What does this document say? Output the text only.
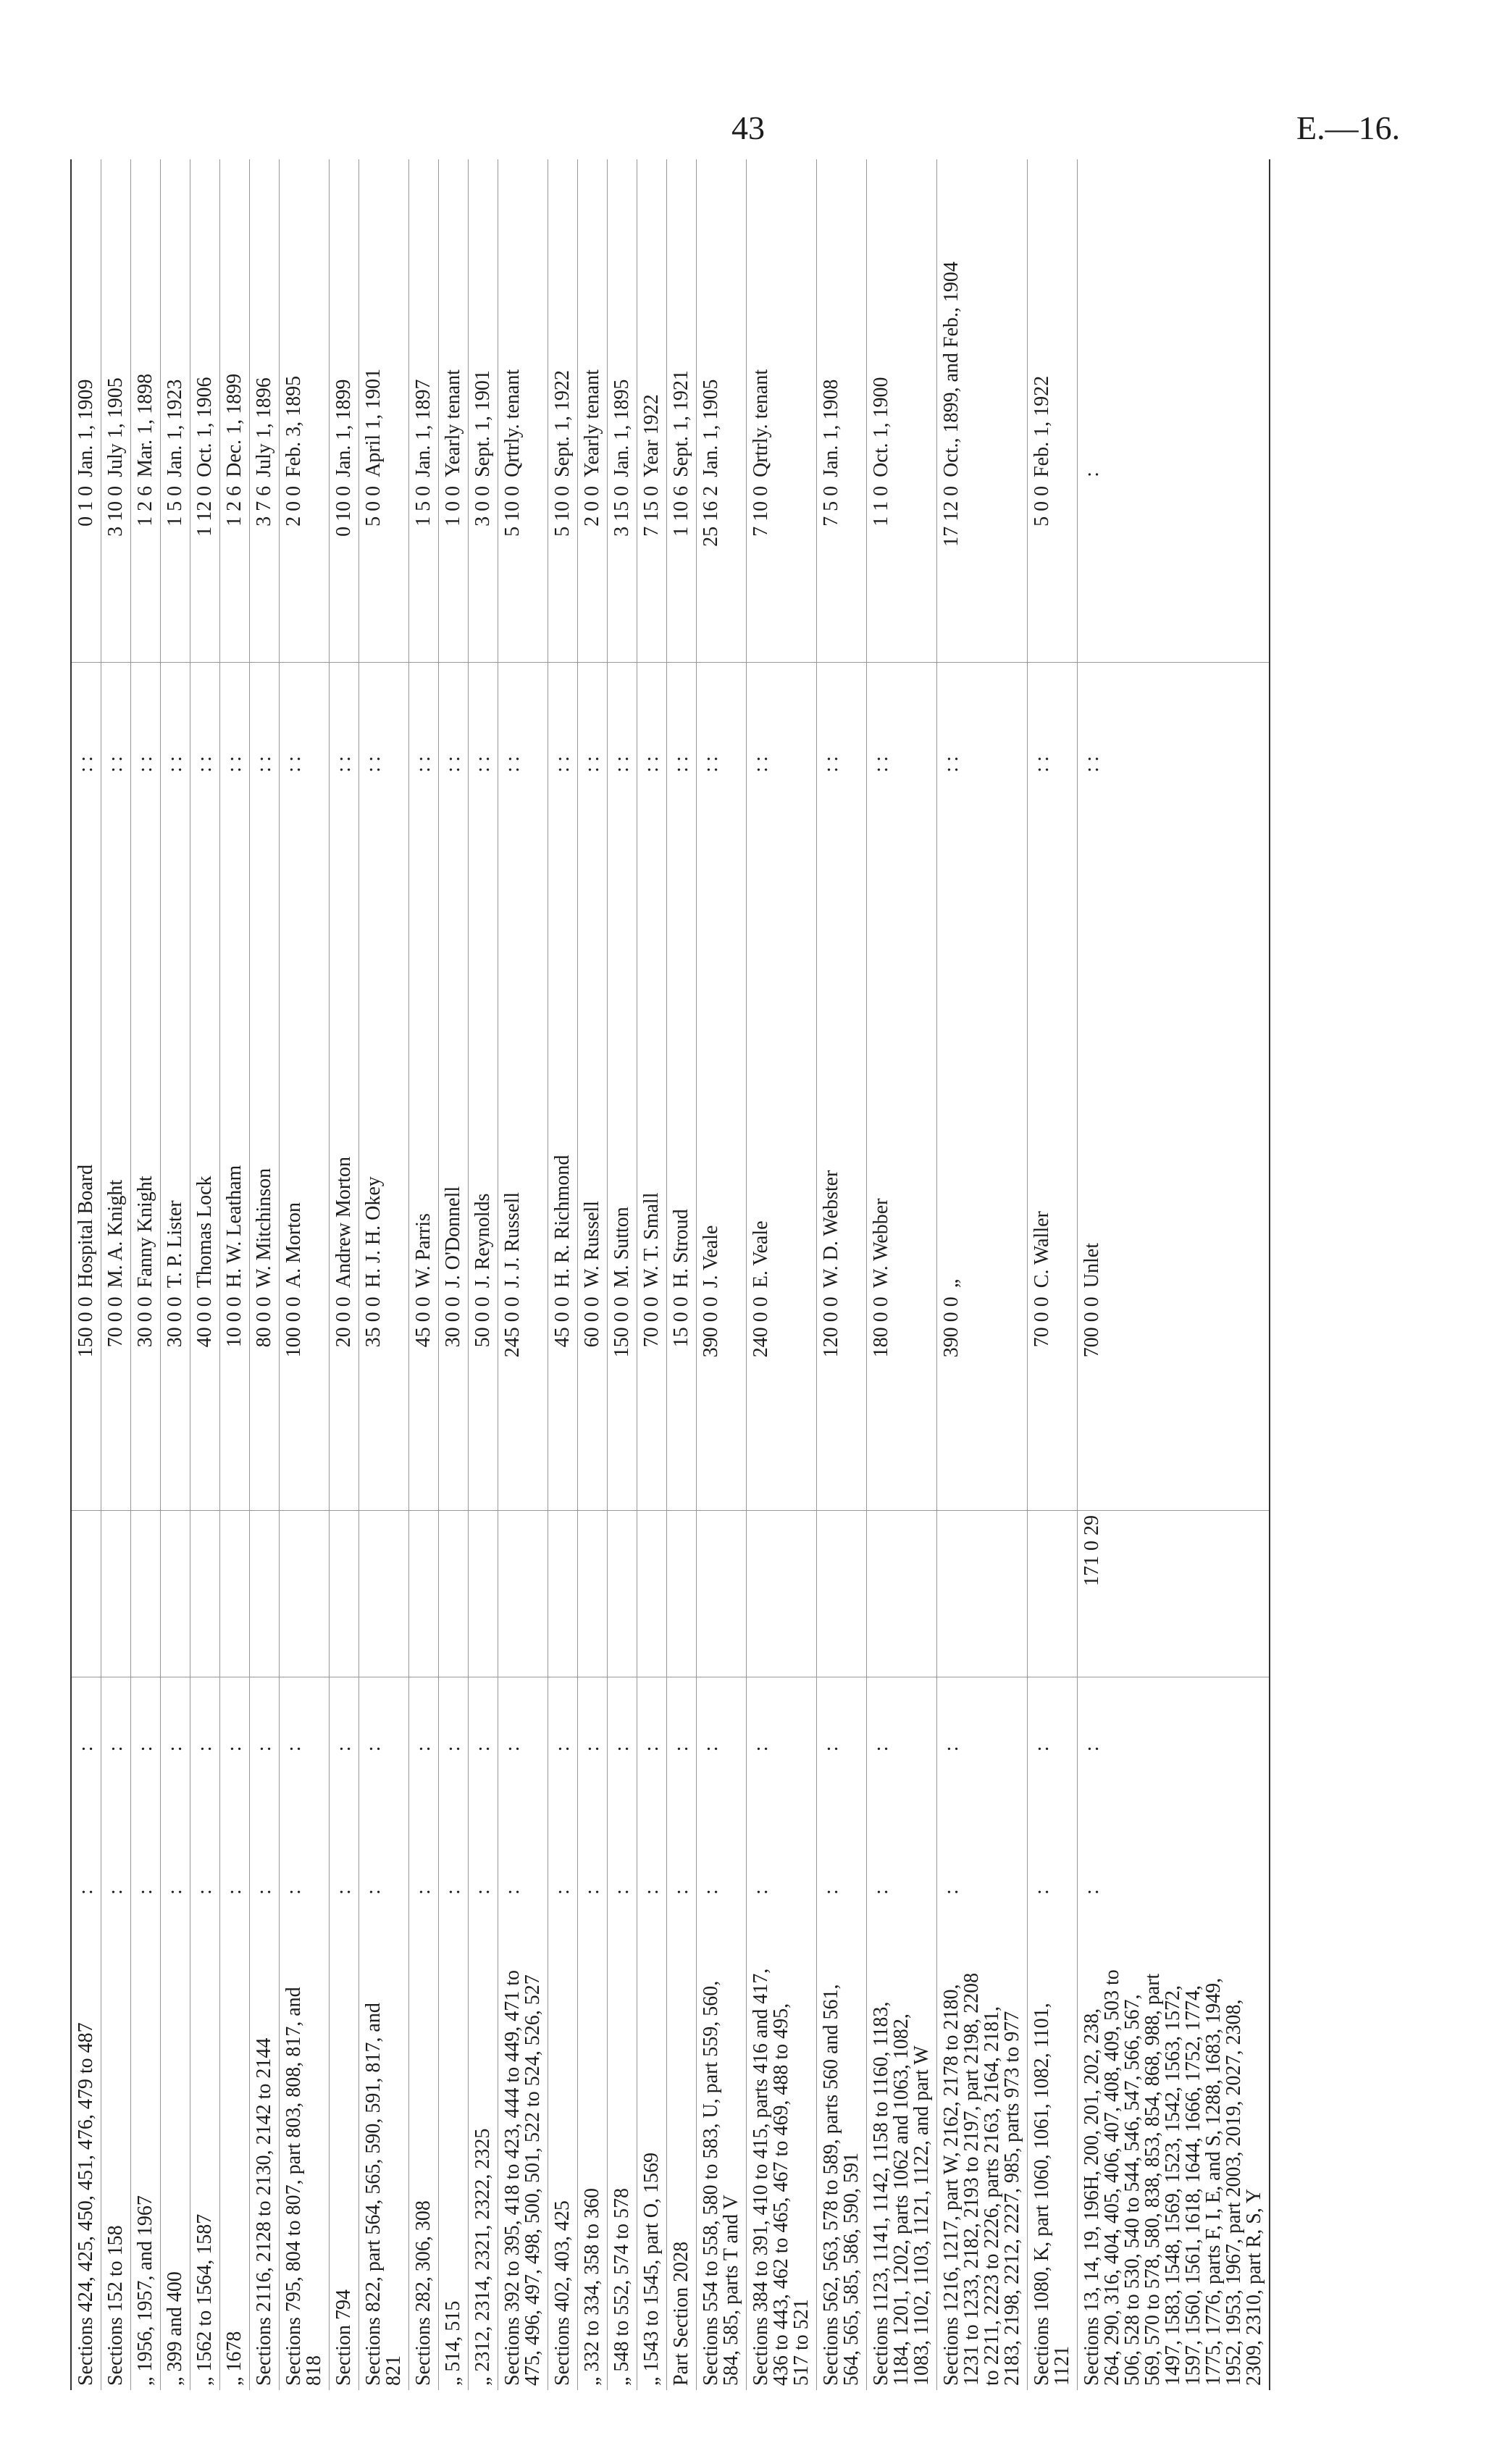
43	E.—16.

Sections 424, 425, 450, 451, 476, 479 to 487	:	:		150 0 0	Hospital Board	: :	0 1 0	Jan. 1, 1909
Sections 152 to 158	:	:		70 0 0	M. A. Knight	: :	3 10 0	July 1, 1905
„ 1956, 1957, and 1967	:	:		30 0 0	Fanny Knight	: :	1 2 6	Mar. 1, 1898
„ 399 and 400	:	:		30 0 0	T. P. Lister	: :	1 5 0	Jan. 1, 1923
„ 1562 to 1564, 1587	:	:		40 0 0	Thomas Lock	: :	1 12 0	Oct. 1, 1906
„ 1678	:	:		10 0 0	H. W. Leatham	: :	1 2 6	Dec. 1, 1899
Sections 2116, 2128 to 2130, 2142 to 2144	:	:		80 0 0	W. Mitchinson	: :	3 7 6	July 1, 1896
Sections 795, 804 to 807, part 803, 808, 817, and 818	:	:		100 0 0	A. Morton	: :	2 0 0	Feb. 3, 1895
Section 794	:	:		20 0 0	Andrew Morton	: :	0 10 0	Jan. 1, 1899
Sections 822, part 564, 565, 590, 591, 817, and 821	:	:		35 0 0	H. J. H. Okey	: :	5 0 0	April 1, 1901
Sections 282, 306, 308	:	:		45 0 0	W. Parris	: :	1 5 0	Jan. 1, 1897
„ 514, 515	:	:		30 0 0	J. O'Donnell	: :	1 0 0	Yearly tenant
„ 2312, 2314, 2321, 2322, 2325	:	:		50 0 0	J. Reynolds	: :	3 0 0	Sept. 1, 1901
Sections 392 to 395, 418 to 423, 444 to 449, 471 to 475, 496, 497, 498, 500, 501, 522 to 524, 526, 527	:	:		245 0 0	J. J. Russell	: :	5 10 0	Qrtrly. tenant
Sections 402, 403, 425	:	:		45 0 0	H. R. Richmond	: :	5 10 0	Sept. 1, 1922
„ 332 to 334, 358 to 360	:	:		60 0 0	W. Russell	: :	2 0 0	Yearly tenant
„ 548 to 552, 574 to 578	:	:		150 0 0	M. Sutton	: :	3 15 0	Jan. 1, 1895
„ 1543 to 1545, part O, 1569	:	:		70 0 0	W. T. Small	: :	7 15 0	Year 1922
Part Section 2028	:	:		15 0 0	H. Stroud	: :	1 10 6	Sept. 1, 1921
Sections 554 to 558, 580 to 583, U, part 559, 560, 584, 585, parts T and V	:	:		390 0 0	J. Veale	: :	25 16 2	Jan. 1, 1905
Sections 384 to 391, 410 to 415, parts 416 and 417, 436 to 443, 462 to 465, 467 to 469, 488 to 495, 517 to 521	:	:		240 0 0	E. Veale	: :	7 10 0	Qrtrly. tenant
Sections 562, 563, 578 to 589, parts 560 and 561, 564, 565, 585, 586, 590, 591	:	:		120 0 0	W. D. Webster	: :	7 5 0	Jan. 1, 1908
Sections 1123, 1141, 1142, 1158 to 1160, 1183, 1184, 1201, 1202, parts 1062 and 1063, 1082, 1083, 1102, 1103, 1121, 1122, and part W	:	:		180 0 0	W. Webber	: :	1 1 0	Oct. 1, 1900
Sections 1216, 1217, part W, 2162, 2178 to 2180, 1231 to 1233, 2182, 2193 to 2197, part 2198, 2208 to 2211, 2223 to 2226, parts 2163, 2164, 2181, 2183, 2198, 2212, 2227, 985, parts 973 to 977	:	:		390 0 0	„	: :	17 12 0	Oct., 1899, and Feb., 1904
Sections 1080, K, part 1060, 1061, 1082, 1101, 1121	:	:		70 0 0	C. Waller	: :	5 0 0	Feb. 1, 1922
Sections 13, 14, 19, 196H, 200, 201, 202, 238, 264, 290, 316, 404, 405, 406, 407, 408, 409, 503 to 506, 528 to 530, 540 to 544, 546, 547, 566, 567, 569, 570 to 578, 580, 838, 853, 854, 868, 988, part 1497, 1583, 1548, 1569, 1523, 1542, 1563, 1572, 1597, 1560, 1561, 1618, 1644, 1666, 1752, 1774, 1775, 1776, parts F, I, E, and S, 1288, 1683, 1949, 1952, 1953, 1967, part 2003, 2019, 2027, 2308, 2309, 2310, part R, S, Y	:	:	171 0 29	700 0 0	Unlet	: :		:
